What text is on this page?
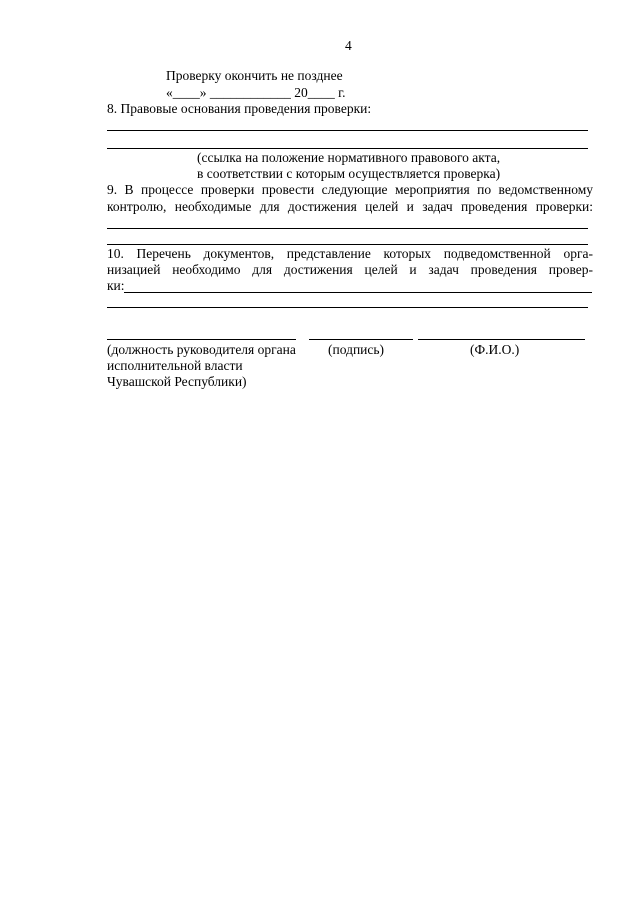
4
Проверку окончить не позднее
«____» ____________ 20____ г.
8. Правовые основания проведения проверки:
(ссылка на положение нормативного правового акта,
в соответствии с которым осуществляется проверка)
9. В процессе проверки провести следующие мероприятия по ведомственному
контролю, необходимые для достижения целей и задач проведения проверки:
10. Перечень документов, представление которых подведомственной орга-
низацией необходимо для достижения целей и задач проведения провер-
ки:
(должность руководителя органа (подпись)	(Ф.И.О.)
исполнительной власти
Чувашской Республики)
